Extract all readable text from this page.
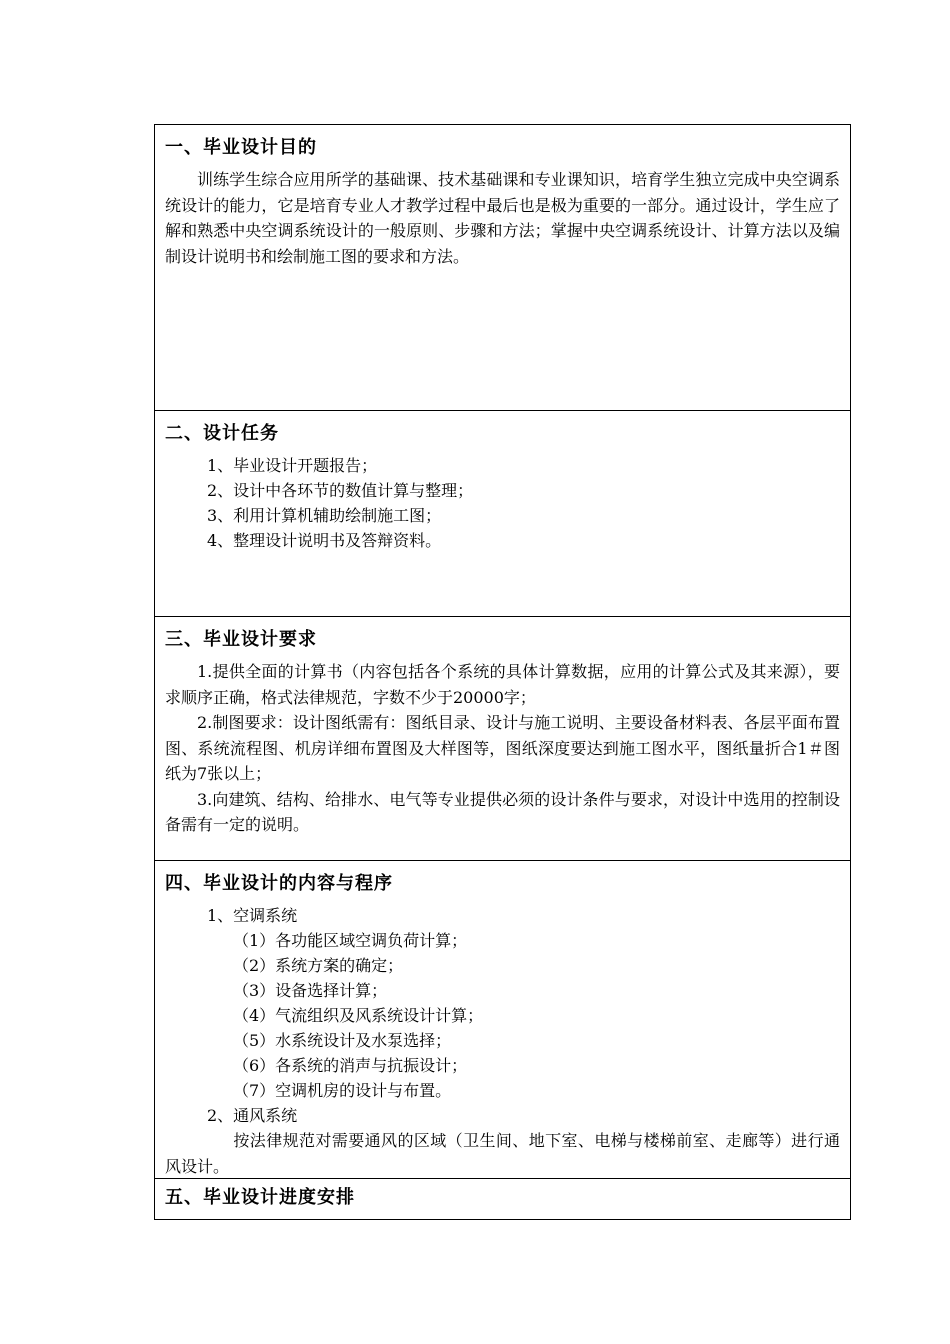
一、毕业设计目的

训练学生综合应用所学的基础课、技术基础课和专业课知识，培育学生独立完成中央空调系统设计的能力，它是培育专业人才教学过程中最后也是极为重要的一部分。通过设计，学生应了解和熟悉中央空调系统设计的一般原则、步骤和方法；掌握中央空调系统设计、计算方法以及编制设计说明书和绘制施工图的要求和方法。

二、设计任务

1、毕业设计开题报告；

2、设计中各环节的数值计算与整理；

3、利用计算机辅助绘制施工图；

4、整理设计说明书及答辩资料。

三、毕业设计要求

1.提供全面的计算书（内容包括各个系统的具体计算数据，应用的计算公式及其来源），要求顺序正确，格式法律规范，字数不少于20000字；

2.制图要求：设计图纸需有：图纸目录、设计与施工说明、主要设备材料表、各层平面布置图、系统流程图、机房详细布置图及大样图等，图纸深度要达到施工图水平，图纸量折合1＃图纸为7张以上；

3.向建筑、结构、给排水、电气等专业提供必须的设计条件与要求，对设计中选用的控制设备需有一定的说明。

四、毕业设计的内容与程序

1、空调系统

（1）各功能区域空调负荷计算；

（2）系统方案的确定；

（3）设备选择计算；

（4）气流组织及风系统设计计算；

（5）水系统设计及水泵选择；

（6）各系统的消声与抗振设计；

（7）空调机房的设计与布置。

2、通风系统

按法律规范对需要通风的区域（卫生间、地下室、电梯与楼梯前室、走廊等）进行通风设计。

五、毕业设计进度安排
